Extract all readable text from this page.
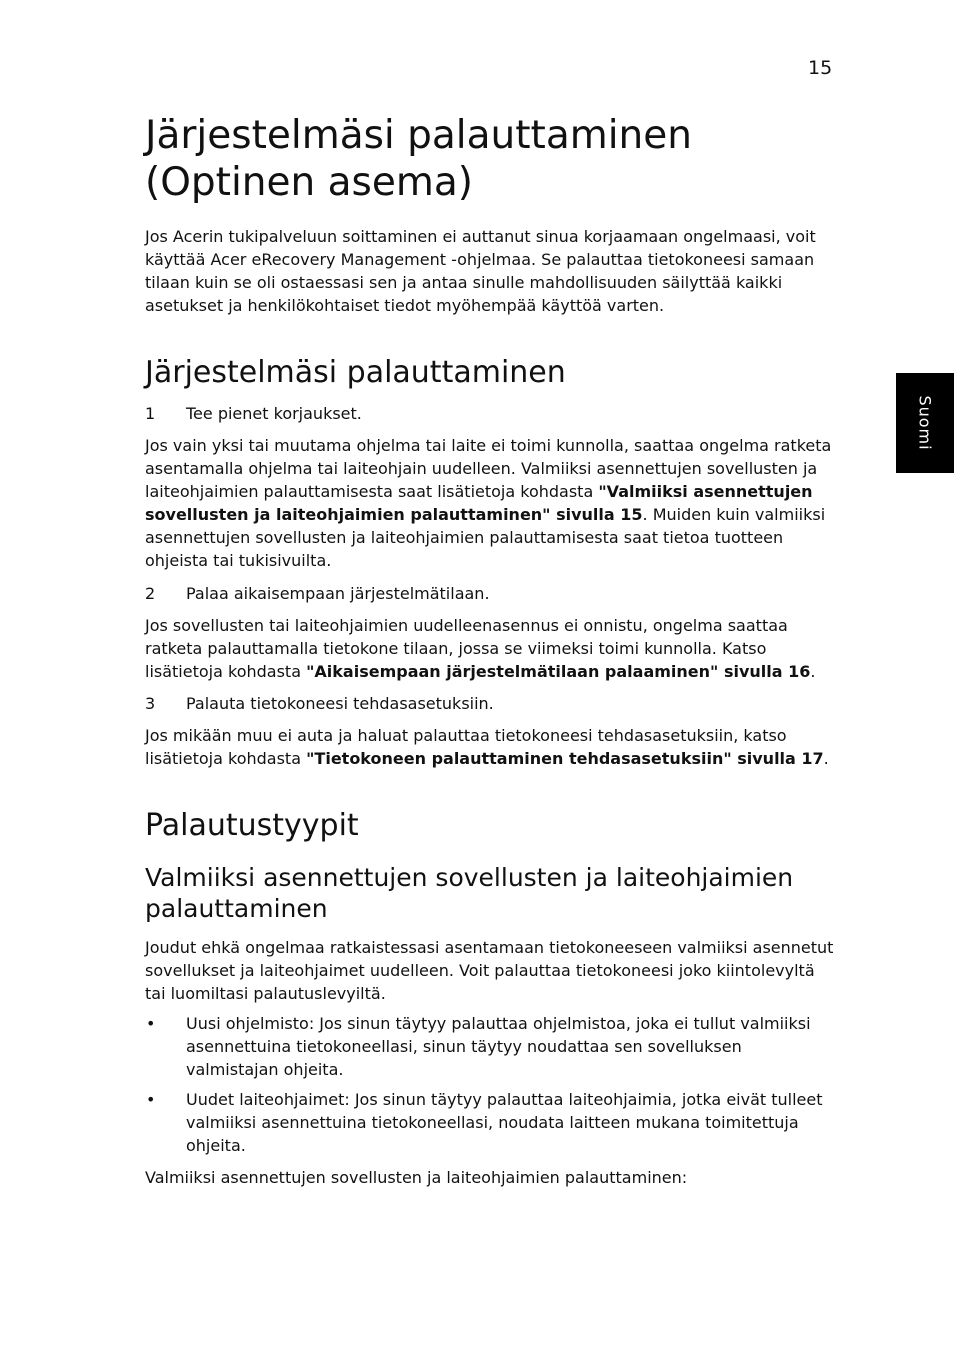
15
Suomi
Järjestelmäsi palauttaminen
(Optinen asema)

Jos Acerin tukipalveluun soittaminen ei auttanut sinua korjaamaan ongelmaasi, voit käyttää Acer eRecovery Management -ohjelmaa. Se palauttaa tietokoneesi samaan tilaan kuin se oli ostaessasi sen ja antaa sinulle mahdollisuuden säilyttää kaikki asetukset ja henkilökohtaiset tiedot myöhempää käyttöä varten.

Järjestelmäsi palauttaminen
1 Tee pienet korjaukset.

Jos vain yksi tai muutama ohjelma tai laite ei toimi kunnolla, saattaa ongelma ratketa asentamalla ohjelma tai laiteohjain uudelleen. Valmiiksi asennettujen sovellusten ja laiteohjaimien palauttamisesta saat lisätietoja kohdasta "Valmiiksi asennettujen sovellusten ja laiteohjaimien palauttaminen" sivulla 15. Muiden kuin valmiiksi asennettujen sovellusten ja laiteohjaimien palauttamisesta saat tietoa tuotteen ohjeista tai tukisivuilta.

2 Palaa aikaisempaan järjestelmätilaan.

Jos sovellusten tai laiteohjaimien uudelleenasennus ei onnistu, ongelma saattaa ratketa palauttamalla tietokone tilaan, jossa se viimeksi toimi kunnolla. Katso lisätietoja kohdasta "Aikaisempaan järjestelmätilaan palaaminen" sivulla 16.

3 Palauta tietokoneesi tehdasasetuksiin.

Jos mikään muu ei auta ja haluat palauttaa tietokoneesi tehdasasetuksiin, katso lisätietoja kohdasta "Tietokoneen palauttaminen tehdasasetuksiin" sivulla 17.

Palautustyypit
Valmiiksi asennettujen sovellusten ja laiteohjaimien
palauttaminen

Joudut ehkä ongelmaa ratkaistessasi asentamaan tietokoneeseen valmiiksi asennetut sovellukset ja laiteohjaimet uudelleen. Voit palauttaa tietokoneesi joko kiintolevyltä tai luomiltasi palautuslevyiltä.

• Uusi ohjelmisto: Jos sinun täytyy palauttaa ohjelmistoa, joka ei tullut valmiiksi asennettuina tietokoneellasi, sinun täytyy noudattaa sen sovelluksen valmistajan ohjeita.
• Uudet laiteohjaimet: Jos sinun täytyy palauttaa laiteohjaimia, jotka eivät tulleet valmiiksi asennettuina tietokoneellasi, noudata laitteen mukana toimitettuja ohjeita.

Valmiiksi asennettujen sovellusten ja laiteohjaimien palauttaminen:
